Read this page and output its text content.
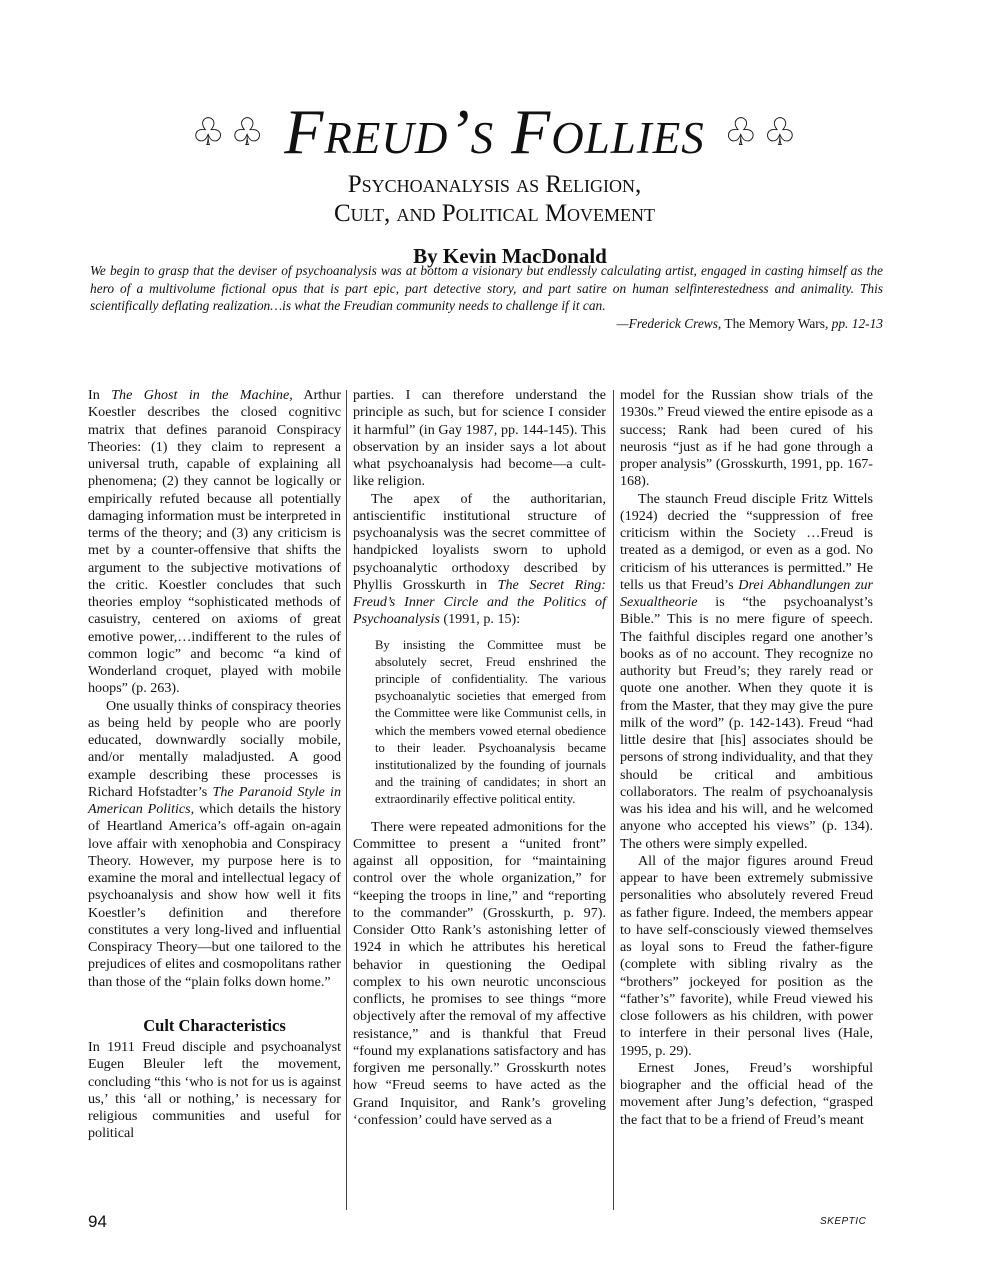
♧ ♧ Freud’s Follies ♧ ♧
Psychoanalysis as Religion,
Cult, and Political Movement
By Kevin MacDonald
We begin to grasp that the deviser of psychoanalysis was at bottom a visionary but endlessly calculating artist, engaged in casting himself as the hero of a multivolume fictional opus that is part epic, part detective story, and part satire on human selfinterestedness and animality. This scientifically deflating realization…is what the Freudian community needs to challenge if it can.
—Frederick Crews, The Memory Wars, pp. 12-13

In The Ghost in the Machine, Arthur Koestler describes the closed cognitivc matrix that defines paranoid Conspiracy Theories: (1) they claim to represent a universal truth, capable of explaining all phenomena; (2) they cannot be logically or empirically refuted because all potentially damaging information must be interpreted in terms of the theory; and (3) any criticism is met by a counter-offensive that shifts the argument to the subjective motivations of the critic. Koestler concludes that such theories employ “sophisticated methods of casuistry, centered on axioms of great emotive power,…indifferent to the rules of common logic” and becomc “a kind of Wonderland croquet, played with mobile hoops” (p. 263).

One usually thinks of conspiracy theories as being held by people who are poorly educated, downwardly socially mobile, and/or mentally maladjusted. A good example describing these processes is Richard Hofstadter’s The Paranoid Style in American Politics, which details the history of Heartland America’s off-again on-again love affair with xenophobia and Conspiracy Theory. However, my purpose here is to examine the moral and intellectual legacy of psychoanalysis and show how well it fits Koestler’s definition and therefore constitutes a very long-lived and influential Conspiracy Theory—but one tailored to the prejudices of elites and cosmopolitans rather than those of the “plain folks down home.”

Cult Characteristics

In 1911 Freud disciple and psychoanalyst Eugen Bleuler left the movement, concluding “this ‘who is not for us is against us,’ this ‘all or nothing,’ is necessary for religious communities and useful for political

parties. I can therefore understand the principle as such, but for science I consider it harmful” (in Gay 1987, pp. 144-145). This observation by an insider says a lot about what psychoanalysis had become—a cult-like religion.

The apex of the authoritarian, antiscientific institutional structure of psychoanalysis was the secret committee of handpicked loyalists sworn to uphold psychoanalytic orthodoxy described by Phyllis Grosskurth in The Secret Ring: Freud’s Inner Circle and the Politics of Psychoanalysis (1991, p. 15):

By insisting the Committee must be absolutely secret, Freud enshrined the principle of confidentiality. The various psychoanalytic societies that emerged from the Committee were like Communist cells, in which the members vowed eternal obedience to their leader. Psychoanalysis became institutionalized by the founding of journals and the training of candidates; in short an extraordinarily effective political entity.

There were repeated admonitions for the Committee to present a “united front” against all opposition, for “maintaining control over the whole organization,” for “keeping the troops in line,” and “reporting to the commander” (Grosskurth, p. 97). Consider Otto Rank’s astonishing letter of 1924 in which he attributes his heretical behavior in questioning the Oedipal complex to his own neurotic unconscious conflicts, he promises to see things “more objectively after the removal of my affective resistance,” and is thankful that Freud “found my explanations satisfactory and has forgiven me personally.” Grosskurth notes how “Freud seems to have acted as the Grand Inquisitor, and Rank’s groveling ‘confession’ could have served as a

model for the Russian show trials of the 1930s.” Freud viewed the entire episode as a success; Rank had been cured of his neurosis “just as if he had gone through a proper analysis” (Grosskurth, 1991, pp. 167-168).

The staunch Freud disciple Fritz Wittels (1924) decried the “suppression of free criticism within the Society …Freud is treated as a demigod, or even as a god. No criticism of his utterances is permitted.” He tells us that Freud’s Drei Abhandlungen zur Sexualtheorie is “the psychoanalyst’s Bible.” This is no mere figure of speech. The faithful disciples regard one another’s books as of no account. They recognize no authority but Freud’s; they rarely read or quote one another. When they quote it is from the Master, that they may give the pure milk of the word” (p. 142-143). Freud “had little desire that [his] associates should be persons of strong individuality, and that they should be critical and ambitious collaborators. The realm of psychoanalysis was his idea and his will, and he welcomed anyone who accepted his views” (p. 134). The others were simply expelled.

All of the major figures around Freud appear to have been extremely submissive personalities who absolutely revered Freud as father figure. Indeed, the members appear to have self-consciously viewed themselves as loyal sons to Freud the father-figure (complete with sibling rivalry as the “brothers” jockeyed for position as the “father’s” favorite), while Freud viewed his close followers as his children, with power to interfere in their personal lives (Hale, 1995, p. 29).

Ernest Jones, Freud’s worshipful biographer and the official head of the movement after Jung’s defection, “grasped the fact that to be a friend of Freud’s meant

94	SKEPTIC
